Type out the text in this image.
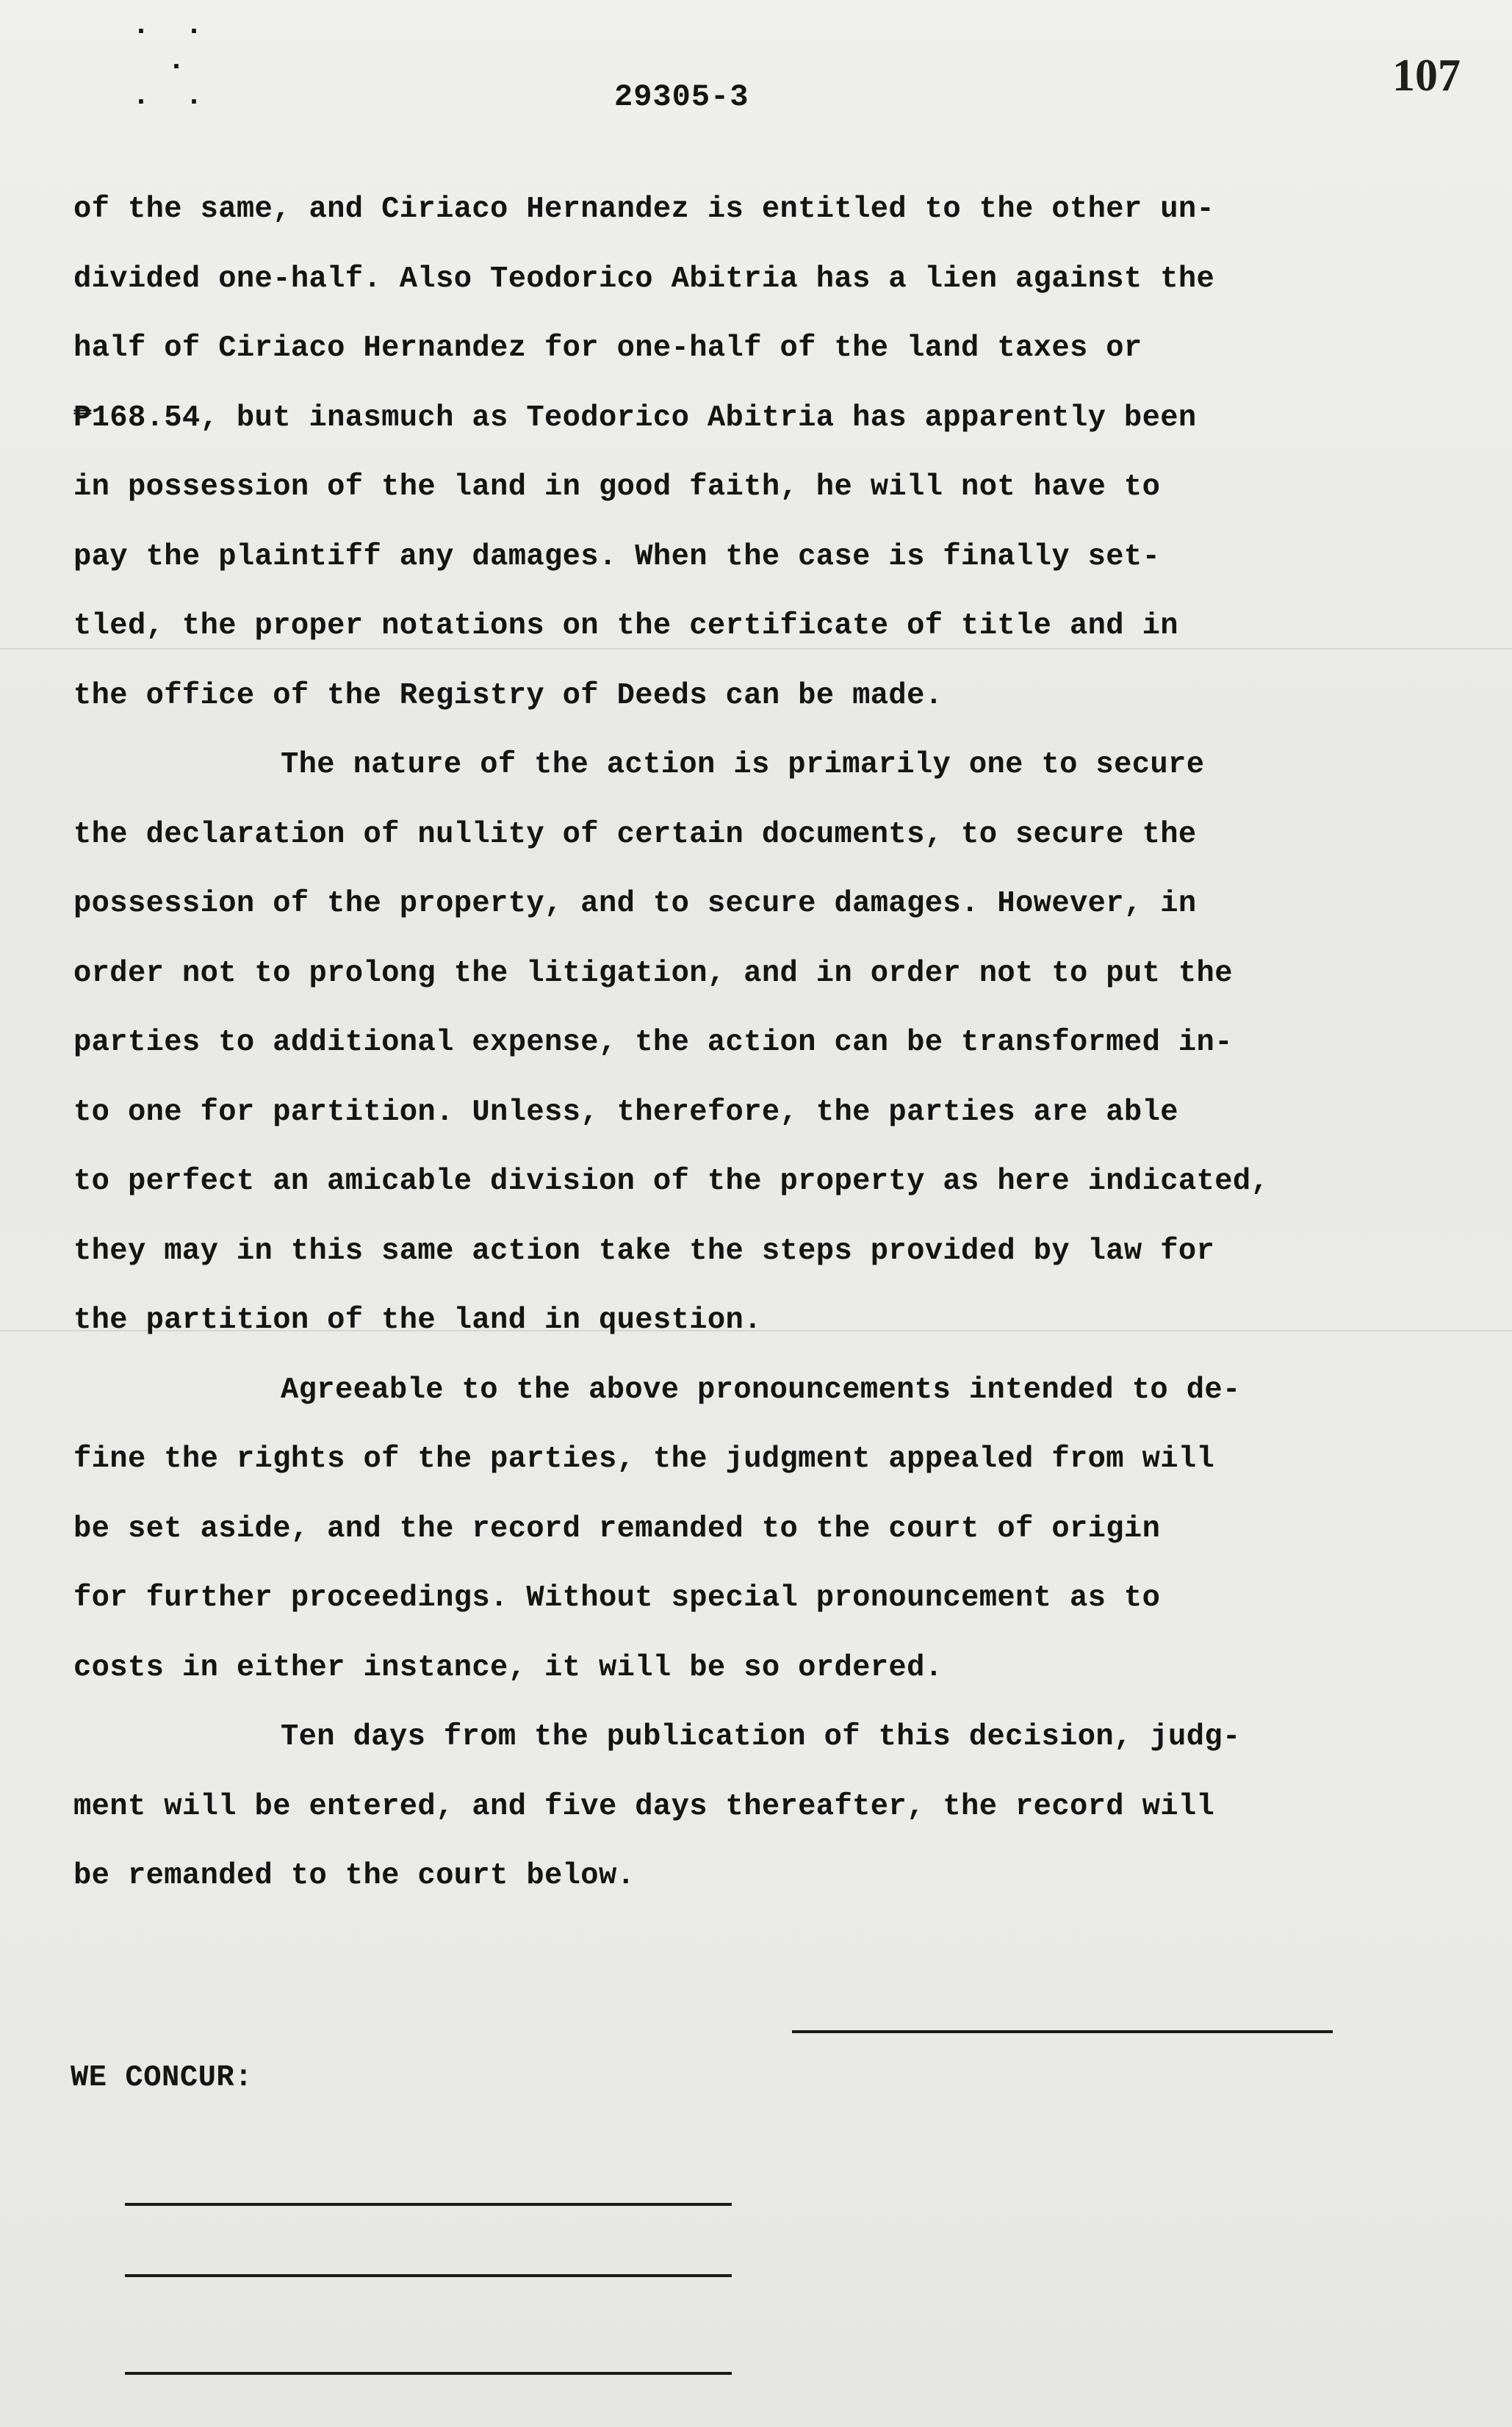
·  ·
·
·  ·	29305-3	107
of the same, and Ciriaco Hernandez is entitled to the other un-
divided one-half. Also Teodorico Abitria has a lien against the
half of Ciriaco Hernandez for one-half of the land taxes or
₱168.54, but inasmuch as Teodorico Abitria has apparently been
in possession of the land in good faith, he will not have to
pay the plaintiff any damages. When the case is finally set-
tled, the proper notations on the certificate of title and in
the office of the Registry of Deeds can be made.
The nature of the action is primarily one to secure
the declaration of nullity of certain documents, to secure the
possession of the property, and to secure damages. However, in
order not to prolong the litigation, and in order not to put the
parties to additional expense, the action can be transformed in-
to one for partition. Unless, therefore, the parties are able
to perfect an amicable division of the property as here indicated,
they may in this same action take the steps provided by law for
the partition of the land in question.
Agreeable to the above pronouncements intended to de-
fine the rights of the parties, the judgment appealed from will
be set aside, and the record remanded to the court of origin
for further proceedings. Without special pronouncement as to
costs in either instance, it will be so ordered.
Ten days from the publication of this decision, judg-
ment will be entered, and five days thereafter, the record will
be remanded to the court below.
WE CONCUR:
